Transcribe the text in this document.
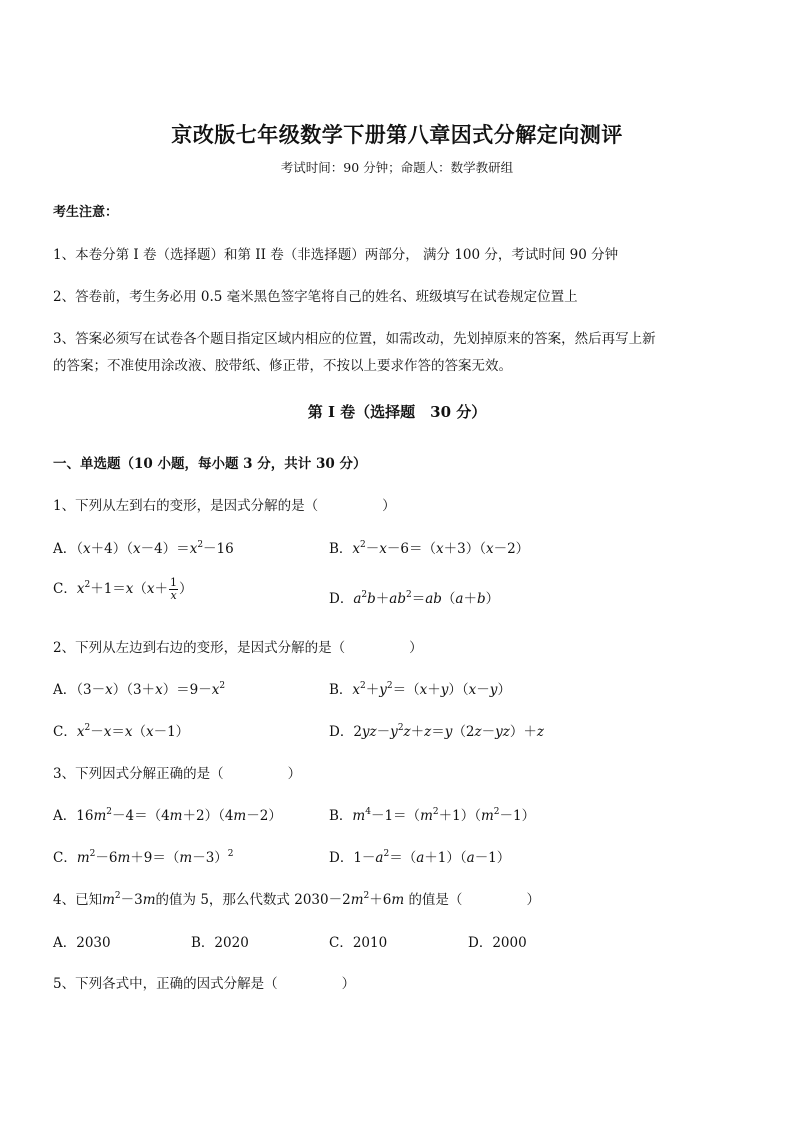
京改版七年级数学下册第八章因式分解定向测评
考试时间：90 分钟；命题人：数学教研组
考生注意：
1、本卷分第 I 卷（选择题）和第 II 卷（非选择题）两部分， 满分 100 分，考试时间 90 分钟
2、答卷前，考生务必用 0.5 毫米黑色签字笔将自己的姓名、班级填写在试卷规定位置上
3、答案必须写在试卷各个题目指定区域内相应的位置，如需改动，先划掉原来的答案，然后再写上新
的答案；不准使用涂改液、胶带纸、修正带，不按以上要求作答的答案无效。
第 I 卷（选择题　30 分）
一、单选题（10 小题，每小题 3 分，共计 30 分）
1、下列从左到右的变形，是因式分解的是（	）
A．$(x+4)(x-4)=x^2-16$	B．$x^2-x-6=(x+3)(x-2)$
C．$x^2+1=x(x+ \frac{1}{x}$ ）
D．$a^2b+ab^2=ab(a+b)$
2、下列从左边到右边的变形，是因式分解的是（	）
A．$(3-x)(3+x)=9-x^2$	B．$x^2+y^2=(x+y)(x-y)$
C．$x^2-x=x(x-1)$	D．$2yz-y^2z+z=y(2z-yz)+z$
3、下列因式分解正确的是（	）
A．$16m^2-4=(4m+2)(4m-2)$	B．$m^4-1=(m^2+1)(m^2-1)$
C．$m^2-6m+9=(m-3)^2$	D．$1-a^2=(a+1)(a-1)$
4、已知$m^2-3m$的值为 5，那么代数式 $2030-2m^2+6m$ 的值是（	）
A．2030	B．2020	C．2010	D．2000
5、下列各式中，正确的因式分解是（	）
